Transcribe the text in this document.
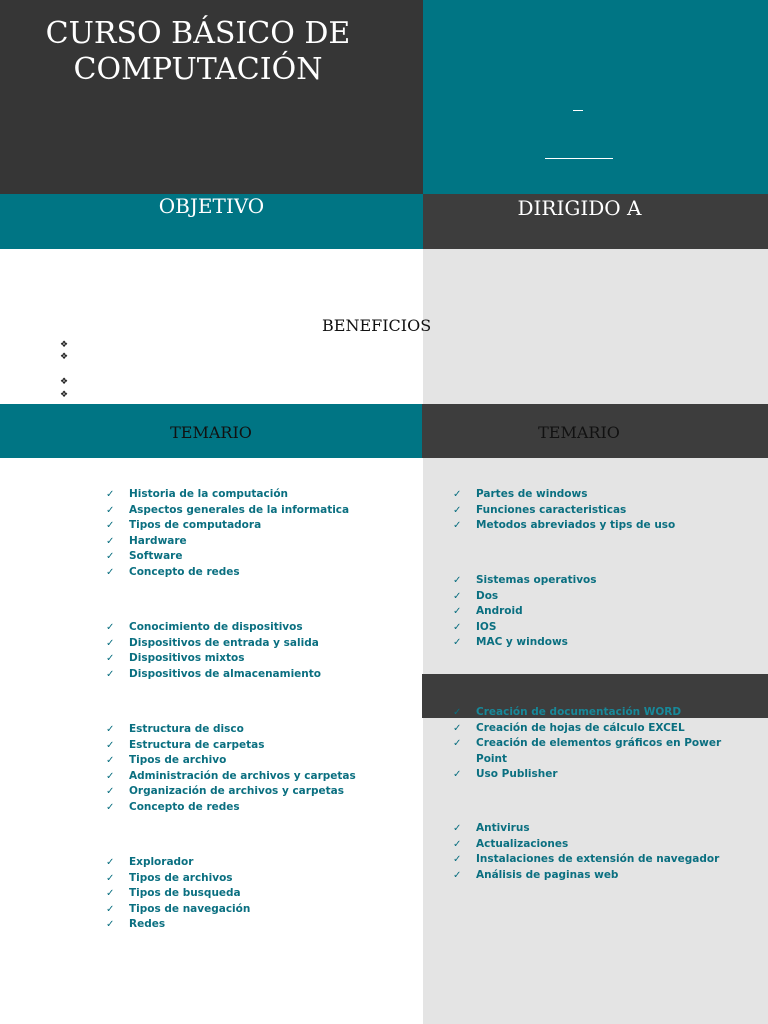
CURSO BÁSICO DE
COMPUTACIÓN
OBJETIVO	DIRIGIDO A
BENEFICIOS
❖
❖
❖
❖
TEMARIO	TEMARIO
✓ Historia de la computación
✓ Aspectos generales de la informatica
✓ Tipos de computadora
✓ Hardware
✓ Software
✓ Concepto de redes
✓ Conocimiento de dispositivos
✓ Dispositivos de entrada y salida
✓ Dispositivos mixtos
✓ Dispositivos de almacenamiento
✓ Estructura de disco
✓ Estructura de carpetas
✓ Tipos de archivo
✓ Administración de archivos y carpetas
✓ Organización de archivos y carpetas
✓ Concepto de redes
✓ Explorador
✓ Tipos de archivos
✓ Tipos de busqueda
✓ Tipos de navegación
✓ Redes
✓ Partes de windows
✓ Funciones caracteristicas
✓ Metodos abreviados y tips de uso
✓ Sistemas operativos
✓ Dos
✓ Android
✓ IOS
✓ MAC y windows
✓ Creación de documentación WORD
✓ Creación de hojas de cálculo EXCEL
✓ Creación de elementos gráficos en Power Point
✓ Uso Publisher
✓ Antivirus
✓ Actualizaciones
✓ Instalaciones de extensión de navegador
✓ Análisis de paginas web
